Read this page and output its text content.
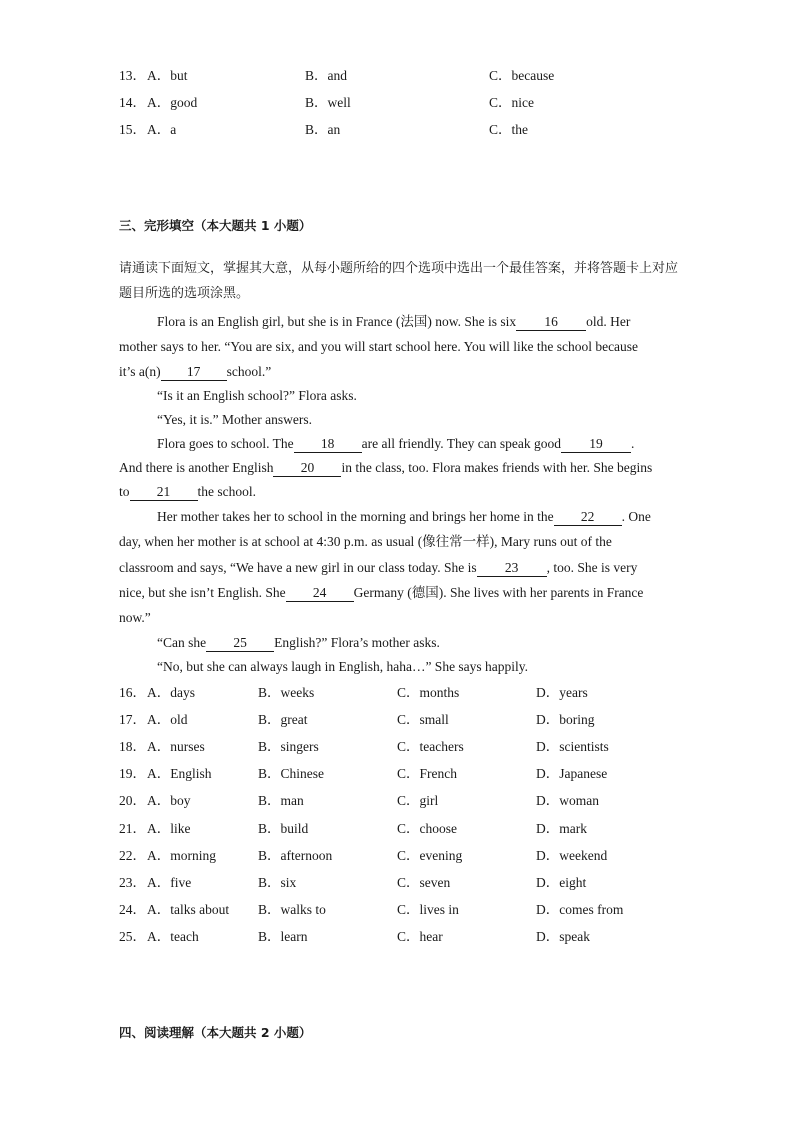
13． A．but	B．and	C．because
14． A．good	B．well	C．nice
15． A．a	B．an	C．the
三、完形填空（本大题共 1 小题）
请通读下面短文，掌握其大意，从每小题所给的四个选项中选出一个最佳答案，并将答题卡上对应题目所选的选项涂黑。
Flora is an English girl, but she is in France (法国) now. She is six 16 old. Her
mother says to her. “You are six, and you will start school here. You will like the school because
it’s a(n) 17 school.”
“Is it an English school?” Flora asks.
“Yes, it is.” Mother answers.
Flora goes to school. The 18 are all friendly. They can speak good 19 .
And there is another English 20 in the class, too. Flora makes friends with her. She begins
to 21 the school.
Her mother takes her to school in the morning and brings her home in the 22 . One
day, when her mother is at school at 4:30 p.m. as usual (像往常一样), Mary runs out of the
classroom and says, “We have a new girl in our class today. She is 23 , too. She is very
nice, but she isn’t English. She 24 Germany (德国). She lives with her parents in France
now.”
“Can she 25 English?” Flora’s mother asks.
“No, but she can always laugh in English, haha…” She says happily.
16． A．days	B．weeks	C．months	D．years
17． A．old	B．great	C．small	D．boring
18． A．nurses	B．singers	C．teachers	D．scientists
19． A．English	B．Chinese	C．French	D．Japanese
20． A．boy	B．man	C．girl	D．woman
21． A．like	B．build	C．choose	D．mark
22． A．morning	B．afternoon	C．evening	D．weekend
23． A．five	B．six	C．seven	D．eight
24． A．talks about B．walks to	C．lives in	D．comes from
25． A．teach	B．learn	C．hear	D．speak
四、阅读理解（本大题共 2 小题）
